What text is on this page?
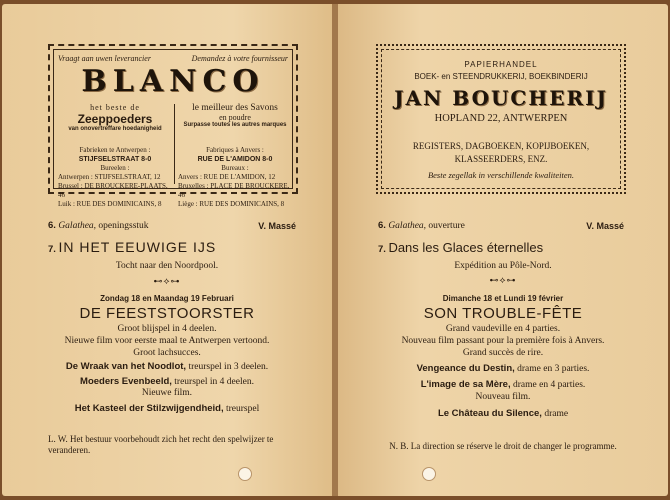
Vraagt aan uwen leverancier	Demandez à votre fournisseur
BLANCO
het beste de
Zeeppoeders
van onovertreffare hoedanigheid
le meilleur des Savons
en poudre
Surpasse toutes les autres marques
Fabrieken te Antwerpen :
STIJFSELSTRAAT 8-0
Bureelen :
Antwerpen : STIJFSELSTRAAT, 12
Brussel : DE BROUCKERE-PLAATS, 46
Luik : RUE DES DOMINICAINS, 8
Fabriques à Anvers :
RUE DE L'AMIDON 8-0
Bureaux :
Anvers : RUE DE L'AMIDON, 12
Bruxelles : PLACE DE BROUCKERE, 46
Liège : RUE DES DOMINICAINS, 8
6. Galathea, openingsstuk	V. Massé
7. IN HET EEUWIGE IJS
Tocht naar den Noordpool.
⊷⟡⊶
Zondag 18 en Maandag 19 Februari
DE FEESTSTOORSTER
Groot blijspel in 4 deelen.
Nieuwe film voor eerste maal te Antwerpen vertoond.
Groot lachsucces.
De Wraak van het Noodlot, treurspel in 3 deelen.
Moeders Evenbeeld, treurspel in 4 deelen.
Nieuwe film.
Het Kasteel der Stilzwijgendheid, treurspel
L. W. Het bestuur voorbehoudt zich het recht den spelwijzer te veranderen.
PAPIERHANDEL
BOEK- en STEENDRUKKERIJ, BOEKBINDERIJ
JAN BOUCHERIJ
HOPLAND 22, ANTWERPEN
REGISTERS, DAGBOEKEN, KOPIJBOEKEN,
KLASSEERDERS, ENZ.
Beste zegellak in verschillende kwaliteiten.
6. Galathea, ouverture	V. Massé
7. Dans les Glaces éternelles
Expédition au Pôle-Nord.
⊷⟡⊶
Dimanche 18 et Lundi 19 février
SON TROUBLE-FÊTE
Grand vaudeville en 4 parties.
Nouveau film passant pour la première fois à Anvers.
Grand succès de rire.
Vengeance du Destin, drame en 3 parties.
L'image de sa Mère, drame en 4 parties.
Nouveau film.
Le Château du Silence, drame
N. B. La direction se réserve le droit de changer le programme.
